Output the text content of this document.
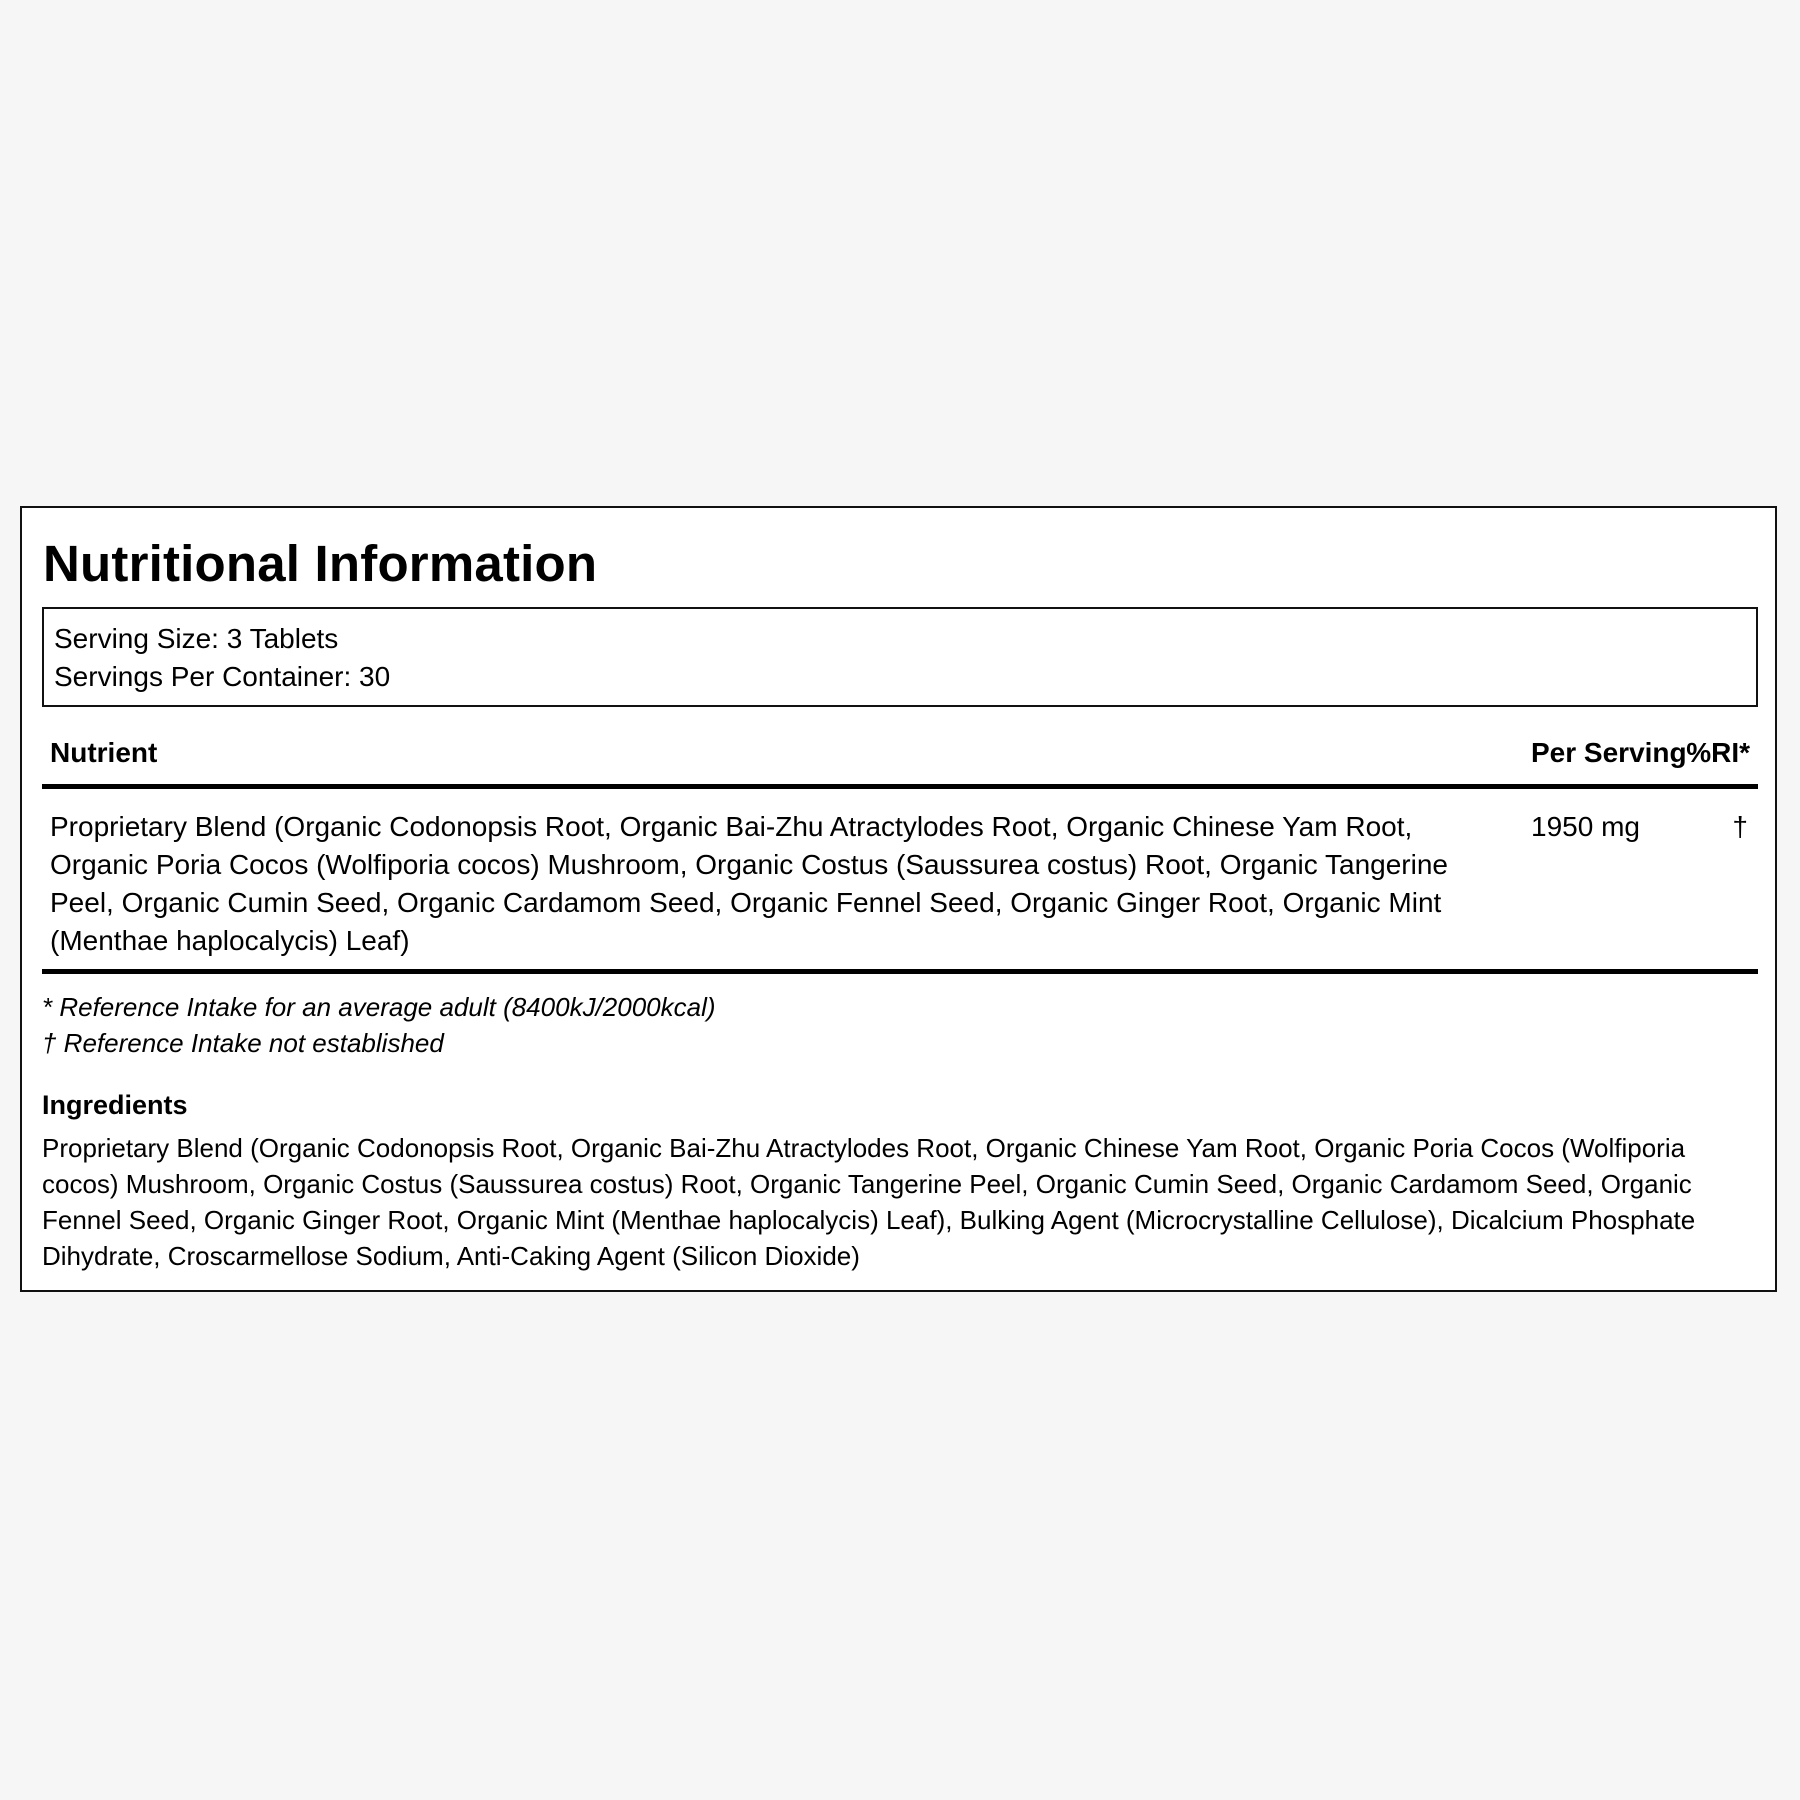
Nutritional Information
Serving Size: 3 Tablets
Servings Per Container: 30
Nutrient	Per Serving %RI*
Proprietary Blend (Organic Codonopsis Root, Organic Bai-Zhu Atractylodes Root, Organic Chinese Yam Root, Organic Poria Cocos (Wolfiporia cocos) Mushroom, Organic Costus (Saussurea costus) Root, Organic Tangerine Peel, Organic Cumin Seed, Organic Cardamom Seed, Organic Fennel Seed, Organic Ginger Root, Organic Mint (Menthae haplocalycis) Leaf)
1950 mg	†
* Reference Intake for an average adult (8400kJ/2000kcal)
† Reference Intake not established
Ingredients

Proprietary Blend (Organic Codonopsis Root, Organic Bai-Zhu Atractylodes Root, Organic Chinese Yam Root, Organic Poria Cocos (Wolfiporia cocos) Mushroom, Organic Costus (Saussurea costus) Root, Organic Tangerine Peel, Organic Cumin Seed, Organic Cardamom Seed, Organic Fennel Seed, Organic Ginger Root, Organic Mint (Menthae haplocalycis) Leaf), Bulking Agent (Microcrystalline Cellulose), Dicalcium Phosphate Dihydrate, Croscarmellose Sodium, Anti-Caking Agent (Silicon Dioxide)
